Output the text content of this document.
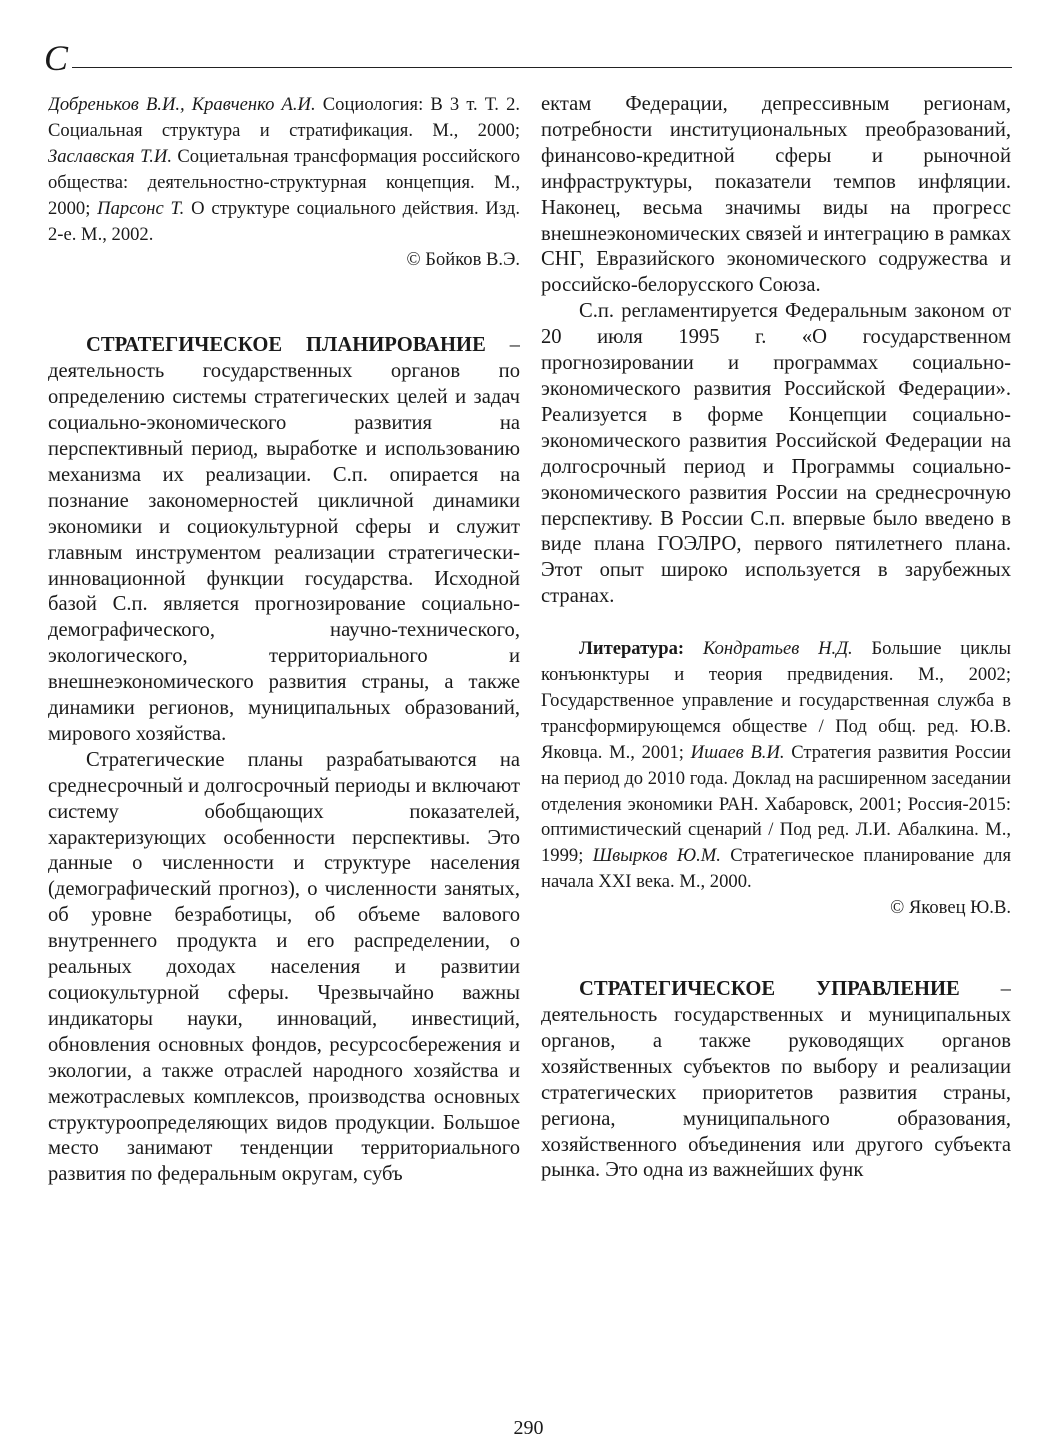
С

Добреньков В.И., Кравченко А.И. Социология: В 3 т. Т. 2. Социальная структура и стратификация. М., 2000; Заславская Т.И. Социетальная трансформация российского общества: деятельностно-структурная концепция. М., 2000; Парсонс Т. О структуре социального действия. Изд. 2-е. М., 2002.

© Бойков В.Э.

СТРАТЕГИЧЕСКОЕ ПЛАНИРОВАНИЕ – деятельность государственных органов по определению системы стратегических целей и задач социально-экономического развития на перспективный период, выработке и использованию механизма их реализации. С.п. опирается на познание закономерностей цикличной динамики экономики и социокультурной сферы и служит главным инструментом реализации стратегически-инновационной функции государства. Исходной базой С.п. является прогнозирование социально-демографического, научно-технического, экологического, территориального и внешнеэкономического развития страны, а также динамики регионов, муниципальных образований, мирового хозяйства.

Стратегические планы разрабатываются на среднесрочный и долгосрочный периоды и включают систему обобщающих показателей, характеризующих особенности перспективы. Это данные о численности и структуре населения (демографический прогноз), о численности занятых, об уровне безработицы, об объеме валового внутреннего продукта и его распределении, о реальных доходах населения и развитии социокультурной сферы. Чрезвычайно важны индикаторы науки, инноваций, инвестиций, обновления основных фондов, ресурсосбережения и экологии, а также отраслей народного хозяйства и межотраслевых комплексов, производства основных структуроопределяющих видов продукции. Большое место занимают тенденции территориального развития по федеральным округам, субъ

ектам Федерации, депрессивным регионам, потребности институциональных преобразований, финансово-кредитной сферы и рыночной инфраструктуры, показатели темпов инфляции. Наконец, весьма значимы виды на прогресс внешнеэкономических связей и интеграцию в рамках СНГ, Евразийского экономического содружества и российско-белорусского Союза.

С.п. регламентируется Федеральным законом от 20 июля 1995 г. «О государственном прогнозировании и программах социально-экономического развития Российской Федерации». Реализуется в форме Концепции социально-экономического развития Российской Федерации на долгосрочный период и Программы социально-экономического развития России на среднесрочную перспективу. В России С.п. впервые было введено в виде плана ГОЭЛРО, первого пятилетнего плана. Этот опыт широко используется в зарубежных странах.

Литература: Кондратьев Н.Д. Большие циклы конъюнктуры и теория предвидения. М., 2002; Государственное управление и государственная служба в трансформирующемся обществе / Под общ. ред. Ю.В. Яковца. М., 2001; Ишаев В.И. Стратегия развития России на период до 2010 года. Доклад на расширенном заседании отделения экономики РАН. Хабаровск, 2001; Россия-2015: оптимистический сценарий / Под ред. Л.И. Абалкина. М., 1999; Швырков Ю.М. Стратегическое планирование для начала XXI века. М., 2000.

© Яковец Ю.В.

СТРАТЕГИЧЕСКОЕ УПРАВЛЕНИЕ – деятельность государственных и муниципальных органов, а также руководящих органов хозяйственных субъектов по выбору и реализации стратегических приоритетов развития страны, региона, муниципального образования, хозяйственного объединения или другого субъекта рынка. Это одна из важнейших функ

290
